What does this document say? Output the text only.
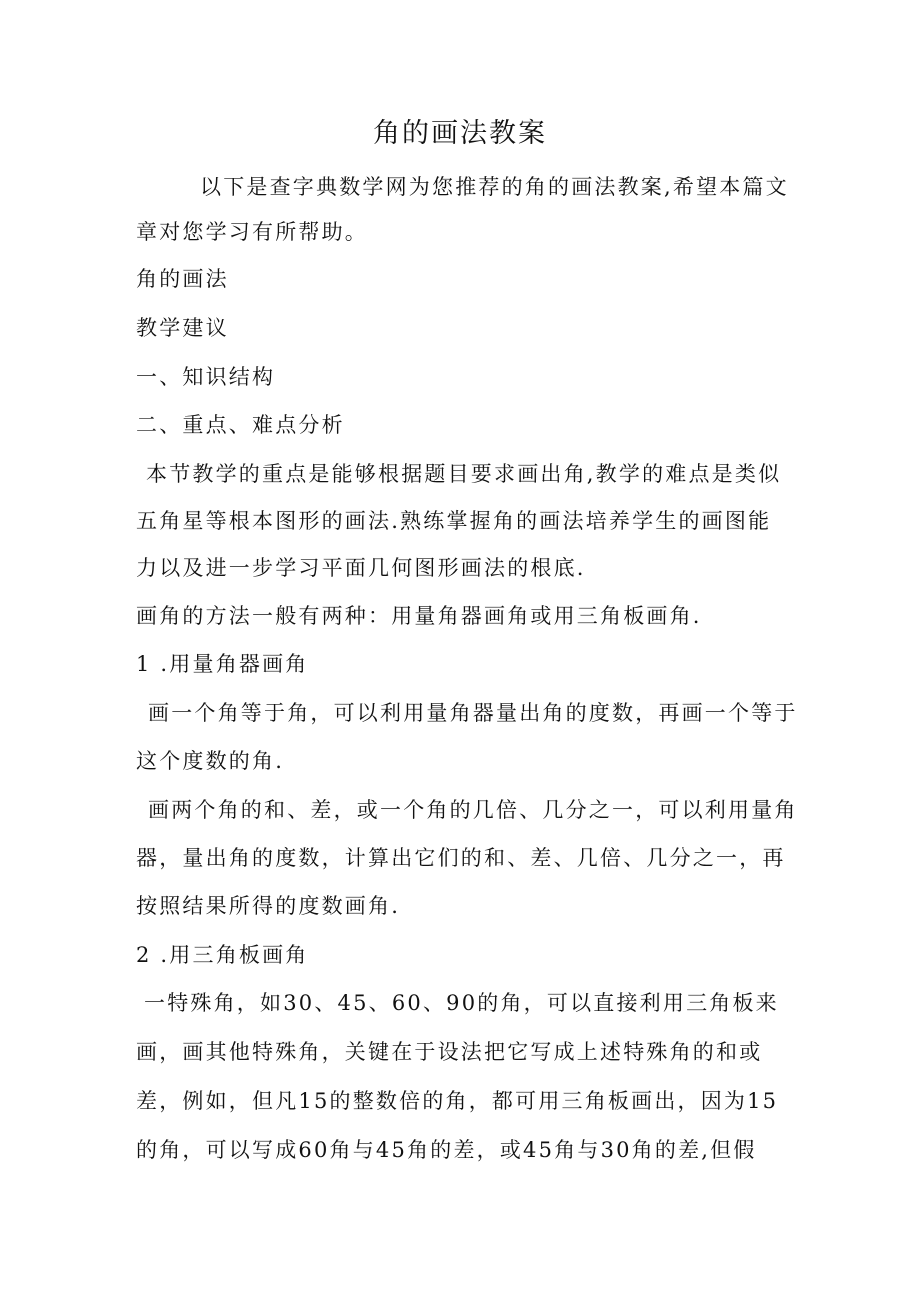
角的画法教案
以下是查字典数学网为您推荐的角的画法教案,希望本篇文
章对您学习有所帮助。
角的画法
教学建议
一、知识结构
二、重点、难点分析
本节教学的重点是能够根据题目要求画出角,教学的难点是类似
五角星等根本图形的画法.熟练掌握角的画法培养学生的画图能
力以及进一步学习平面几何图形画法的根底.
画角的方法一般有两种：用量角器画角或用三角板画角.
1 .用量角器画角
画一个角等于角，可以利用量角器量出角的度数，再画一个等于
这个度数的角.
画两个角的和、差，或一个角的几倍、几分之一，可以利用量角
器，量出角的度数，计算出它们的和、差、几倍、几分之一，再
按照结果所得的度数画角.
2 .用三角板画角
一特殊角，如30、45、60、90的角，可以直接利用三角板来
画，画其他特殊角，关键在于设法把它写成上述特殊角的和或
差，例如，但凡15的整数倍的角，都可用三角板画出，因为15
的角，可以写成60角与45角的差，或45角与30角的差,但假
